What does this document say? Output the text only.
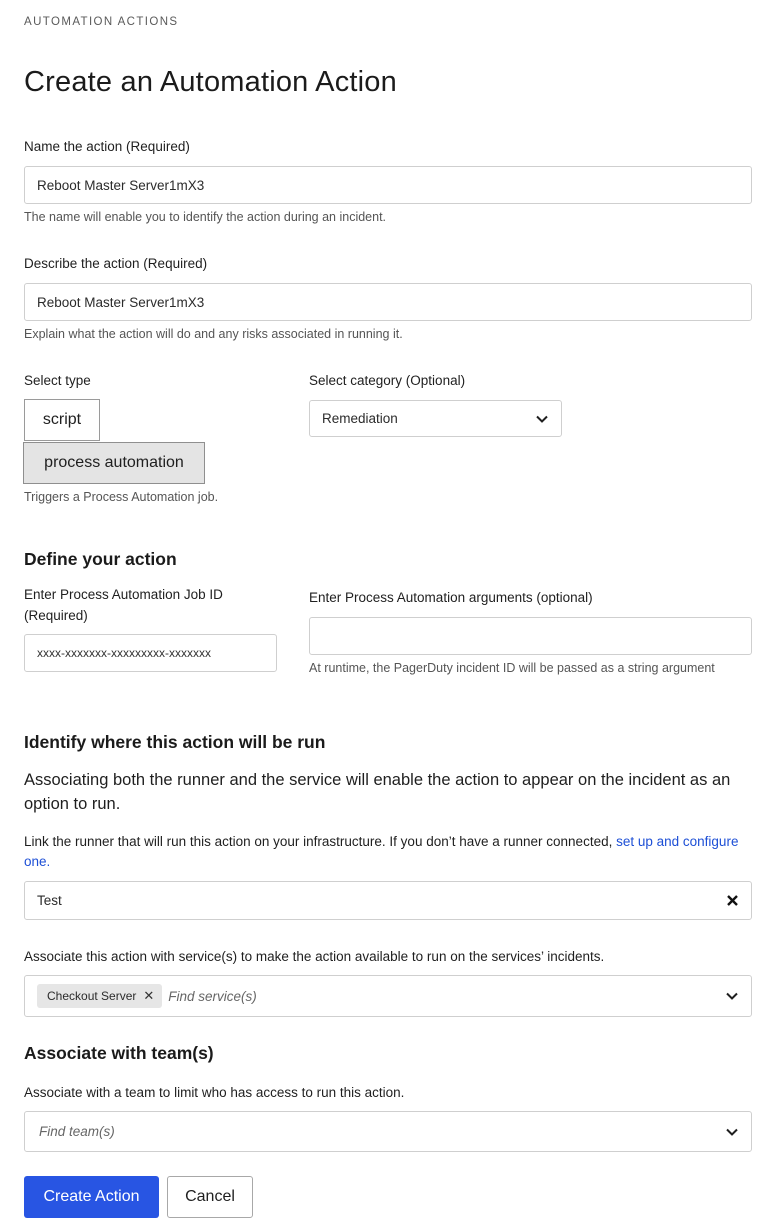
AUTOMATION ACTIONS
Create an Automation Action
Name the action (Required)
Reboot Master Server1mX3
The name will enable you to identify the action during an incident.
Describe the action (Required)
Reboot Master Server1mX3
Explain what the action will do and any risks associated in running it.
Select type
script
process automation
Triggers a Process Automation job.
Select category (Optional)
Remediation
Define your action
Enter Process Automation Job ID (Required)
xxxx-xxxxxxx-xxxxxxxxx-xxxxxxx
Enter Process Automation arguments (optional)
At runtime, the PagerDuty incident ID will be passed as a string argument
Identify where this action will be run
Associating both the runner and the service will enable the action to appear on the incident as an option to run.
Link the runner that will run this action on your infrastructure. If you don’t have a runner connected, set up and configure one.
Test
Associate this action with service(s) to make the action available to run on the services’ incidents.
Checkout Server ✕ Find service(s)
Associate with team(s)
Associate with a team to limit who has access to run this action.
Find team(s)
Create Action	Cancel
